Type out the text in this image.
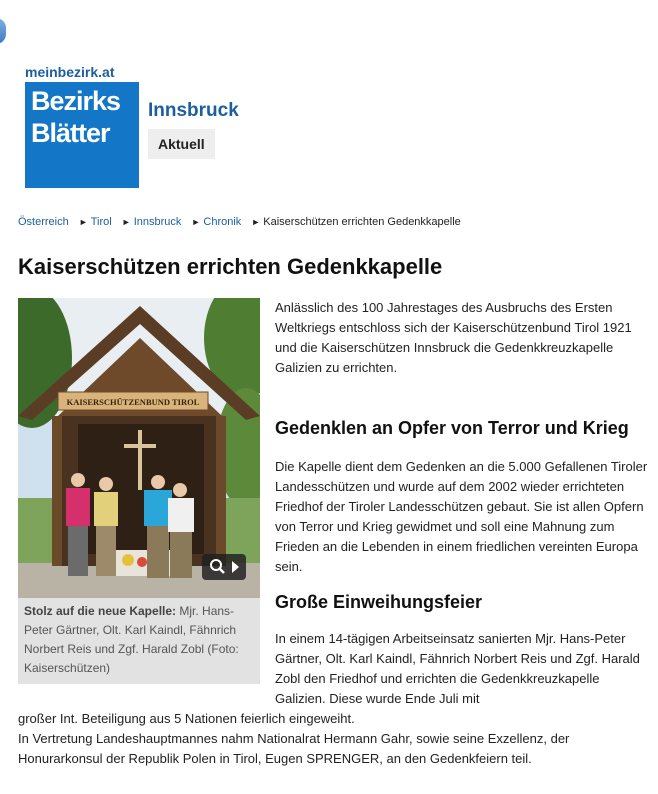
meinbezirk.at
Bezirks
Blätter
Innsbruck
Aktuell
Österreich ► Tirol ► Innsbruck ► Chronik ► Kaiserschützen errichten Gedenkkapelle
Kaiserschützen errichten Gedenkkapelle
KAISERSCHÜTZENBUND TIROL
Stolz auf die neue Kapelle: Mjr. Hans-Peter Gärtner, Olt. Karl Kaindl, Fähnrich Norbert Reis und Zgf. Harald Zobl (Foto: Kaiserschützen)
Anlässlich des 100 Jahrestages des Ausbruchs des Ersten Weltkriegs entschloss sich der Kaiserschützenbund Tirol 1921 und die Kaiserschützen Innsbruck die Gedenkkreuzkapelle Galizien zu errichten.
Gedenklen an Opfer von Terror und Krieg
Die Kapelle dient dem Gedenken an die 5.000 Gefallenen Tiroler Landesschützen und wurde auf dem 2002 wieder errichteten Friedhof der Tiroler Landesschützen gebaut. Sie ist allen Opfern von Terror und Krieg gewidmet und soll eine Mahnung zum Frieden an die Lebenden in einem friedlichen vereinten Europa sein.
Große Einweihungsfeier
In einem 14-tägigen Arbeitseinsatz sanierten Mjr. Hans-Peter Gärtner, Olt. Karl Kaindl, Fähnrich Norbert Reis und Zgf. Harald Zobl den Friedhof und errichten die Gedenkkreuzkapelle Galizien. Diese wurde Ende Juli mit
großer Int. Beteiligung aus 5 Nationen feierlich eingeweiht.
In Vertretung Landeshauptmannes nahm Nationalrat Hermann Gahr, sowie seine Exzellenz, der Honurarkonsul der Republik Polen in Tirol, Eugen SPRENGER, an den Gedenkfeiern teil.
